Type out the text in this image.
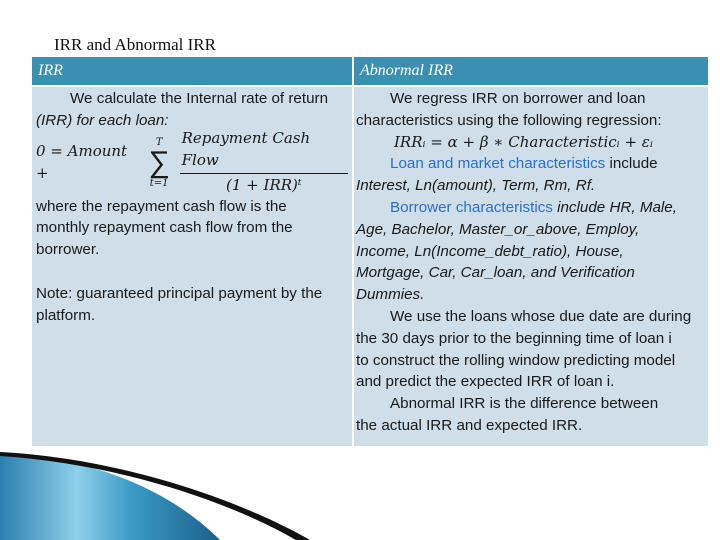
IRR and Abnormal IRR
IRR	Abnormal IRR

We calculate the Internal rate of return

(IRR) for each loan:

0 = Amount +
T
∑
$t=1 \frac{\text{Repayment Cash Flow}}{\text{(1 + IRR)ᵗ}}$

where the repayment cash flow is the

monthly repayment cash flow from the

borrower.

Note: guaranteed principal payment by the

platform.

We regress IRR on borrower and loan

characteristics using the following regression:

IRRᵢ = α + β ∗ Characteristicᵢ + εᵢ

Loan and market characteristics include

Interest, Ln(amount), Term, Rm, Rf.

Borrower characteristics include HR, Male,

Age, Bachelor, Master_or_above, Employ,

Income, Ln(Income_debt_ratio), House,

Mortgage, Car, Car_loan, and Verification

Dummies.

We use the loans whose due date are during

the 30 days prior to the beginning time of loan i

to construct the rolling window predicting model

and predict the expected IRR of loan i.

Abnormal IRR is the difference between

the actual IRR and expected IRR.
